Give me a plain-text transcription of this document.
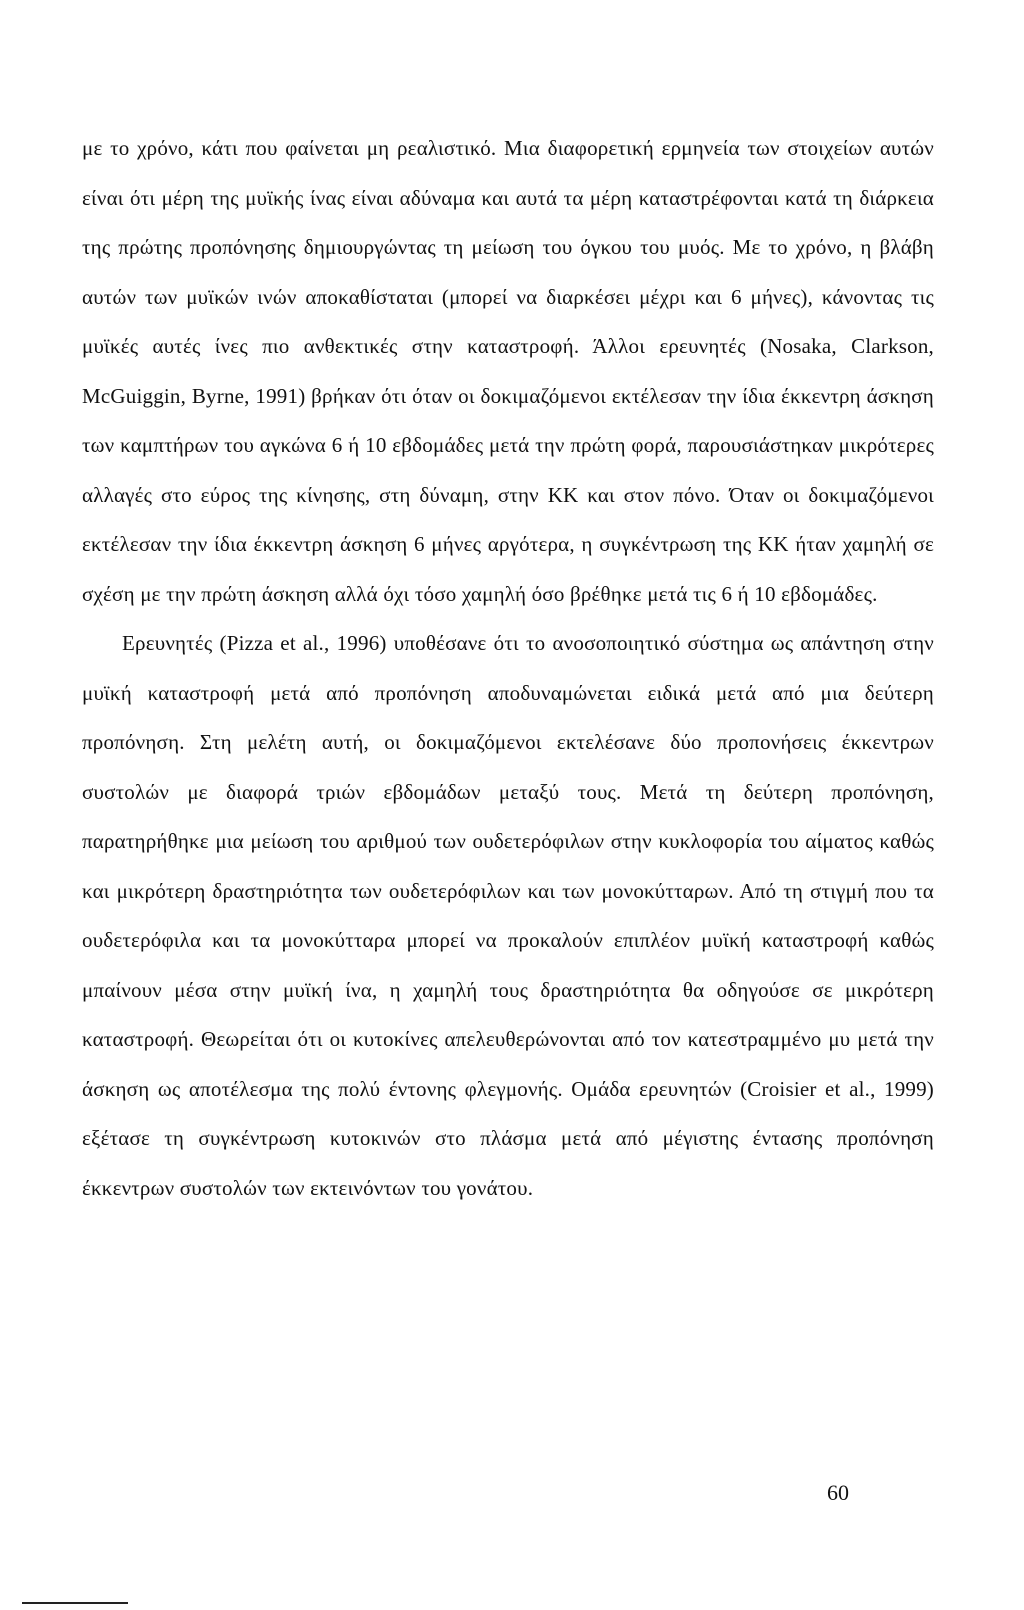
με το χρόνο, κάτι που φαίνεται μη ρεαλιστικό. Μια διαφορετική ερμηνεία των στοιχείων αυτών είναι ότι μέρη της μυϊκής ίνας είναι αδύναμα και αυτά τα μέρη καταστρέφονται κατά τη διάρκεια της πρώτης προπόνησης δημιουργώντας τη μείωση του όγκου του μυός. Με το χρόνο, η βλάβη αυτών των μυϊκών ινών αποκαθίσταται (μπορεί να διαρκέσει μέχρι και 6 μήνες), κάνοντας τις μυϊκές αυτές ίνες πιο ανθεκτικές στην καταστροφή. Άλλοι ερευνητές (Nosaka, Clarkson, McGuiggin, Byrne, 1991) βρήκαν ότι όταν οι δοκιμαζόμενοι εκτέλεσαν την ίδια έκκεντρη άσκηση των καμπτήρων του αγκώνα 6 ή 10 εβδομάδες μετά την πρώτη φορά, παρουσιάστηκαν μικρότερες αλλαγές στο εύρος της κίνησης, στη δύναμη, στην ΚΚ και στον πόνο. Όταν οι δοκιμαζόμενοι εκτέλεσαν την ίδια έκκεντρη άσκηση 6 μήνες αργότερα, η συγκέντρωση της ΚΚ ήταν χαμηλή σε σχέση με την πρώτη άσκηση αλλά όχι τόσο χαμηλή όσο βρέθηκε μετά τις 6 ή 10 εβδομάδες.

Ερευνητές (Pizza et al., 1996) υποθέσανε ότι το ανοσοποιητικό σύστημα ως απάντηση στην μυϊκή καταστροφή μετά από προπόνηση αποδυναμώνεται ειδικά μετά από μια δεύτερη προπόνηση. Στη μελέτη αυτή, οι δοκιμαζόμενοι εκτελέσανε δύο προπονήσεις έκκεντρων συστολών με διαφορά τριών εβδομάδων μεταξύ τους. Μετά τη δεύτερη προπόνηση, παρατηρήθηκε μια μείωση του αριθμού των ουδετερόφιλων στην κυκλοφορία του αίματος καθώς και μικρότερη δραστηριότητα των ουδετερόφιλων και των μονοκύτταρων. Από τη στιγμή που τα ουδετερόφιλα και τα μονοκύτταρα μπορεί να προκαλούν επιπλέον μυϊκή καταστροφή καθώς μπαίνουν μέσα στην μυϊκή ίνα, η χαμηλή τους δραστηριότητα θα οδηγούσε σε μικρότερη καταστροφή. Θεωρείται ότι οι κυτοκίνες απελευθερώνονται από τον κατεστραμμένο μυ μετά την άσκηση ως αποτέλεσμα της πολύ έντονης φλεγμονής. Ομάδα ερευνητών (Croisier et al., 1999) εξέτασε τη συγκέντρωση κυτοκινών στο πλάσμα μετά από μέγιστης έντασης προπόνηση έκκεντρων συστολών των εκτεινόντων του γονάτου.

60
